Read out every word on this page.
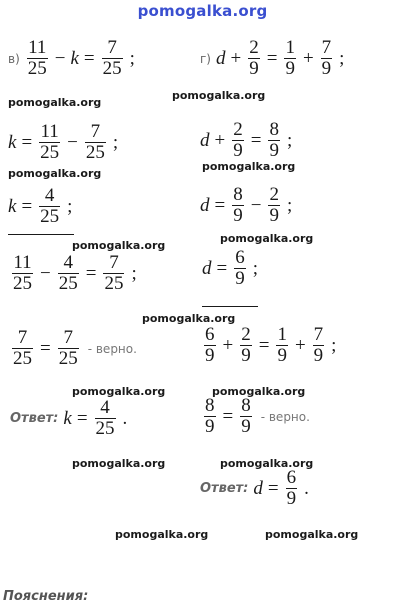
pomogalka.org
$в) \frac{11}{25} - k = \frac{7}{25}$ ;
pomogalka.org
$k = \frac{11}{25} - \frac{7}{25}$ ;
pomogalka.org
$k = \frac{4}{25}$ ;
pomogalka.org
$\frac{11}{25} - \frac{4}{25} = \frac{7}{25}$ ;
pomogalka.org
$\frac{7}{25} = \frac{7}{25}$ - верно.
pomogalka.org
Ответ: $k = \frac{4}{25}$ .
pomogalka.org
г) $d + \frac{2}{9} = \frac{1}{9} + \frac{7}{9}$ ;
pomogalka.org
$d + \frac{2}{9} = \frac{8}{9}$ ;
pomogalka.org
$d = \frac{8}{9} - \frac{2}{9}$ ;
pomogalka.org
$d = \frac{6}{9}$ ;
$\frac{6}{9} + \frac{2}{9} = \frac{1}{9} + \frac{7}{9}$ ;
pomogalka.org
$\frac{8}{9} = \frac{8}{9}$ - верно.
pomogalka.org
Ответ: $d = \frac{6}{9}$ .
pomogalka.org	pomogalka.org
Пояснения:
